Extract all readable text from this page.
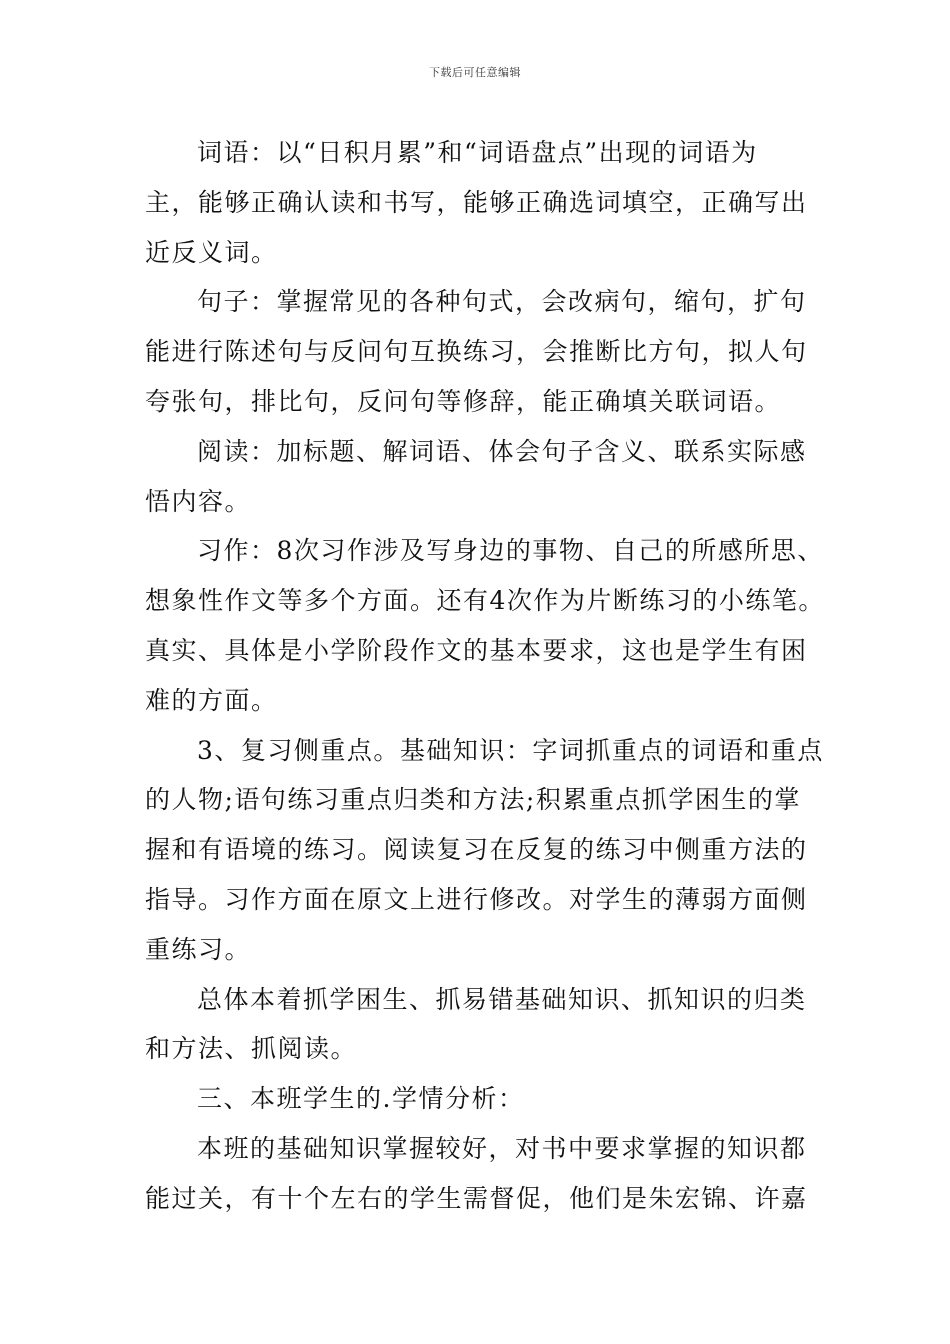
下载后可任意编辑
词语：以“日积月累”和“词语盘点”出现的词语为
主，能够正确认读和书写，能够正确选词填空，正确写出
近反义词。
句子：掌握常见的各种句式，会改病句，缩句，扩句
能进行陈述句与反问句互换练习，会推断比方句，拟人句
夸张句，排比句，反问句等修辞，能正确填关联词语。
阅读：加标题、解词语、体会句子含义、联系实际感
悟内容。
习作：8次习作涉及写身边的事物、自己的所感所思、
想象性作文等多个方面。还有4次作为片断练习的小练笔。
真实、具体是小学阶段作文的基本要求，这也是学生有困
难的方面。
3、复习侧重点。基础知识：字词抓重点的词语和重点
的人物;语句练习重点归类和方法;积累重点抓学困生的掌
握和有语境的练习。阅读复习在反复的练习中侧重方法的
指导。习作方面在原文上进行修改。对学生的薄弱方面侧
重练习。
总体本着抓学困生、抓易错基础知识、抓知识的归类
和方法、抓阅读。
三、本班学生的.学情分析：
本班的基础知识掌握较好，对书中要求掌握的知识都
能过关，有十个左右的学生需督促，他们是朱宏锦、许嘉
